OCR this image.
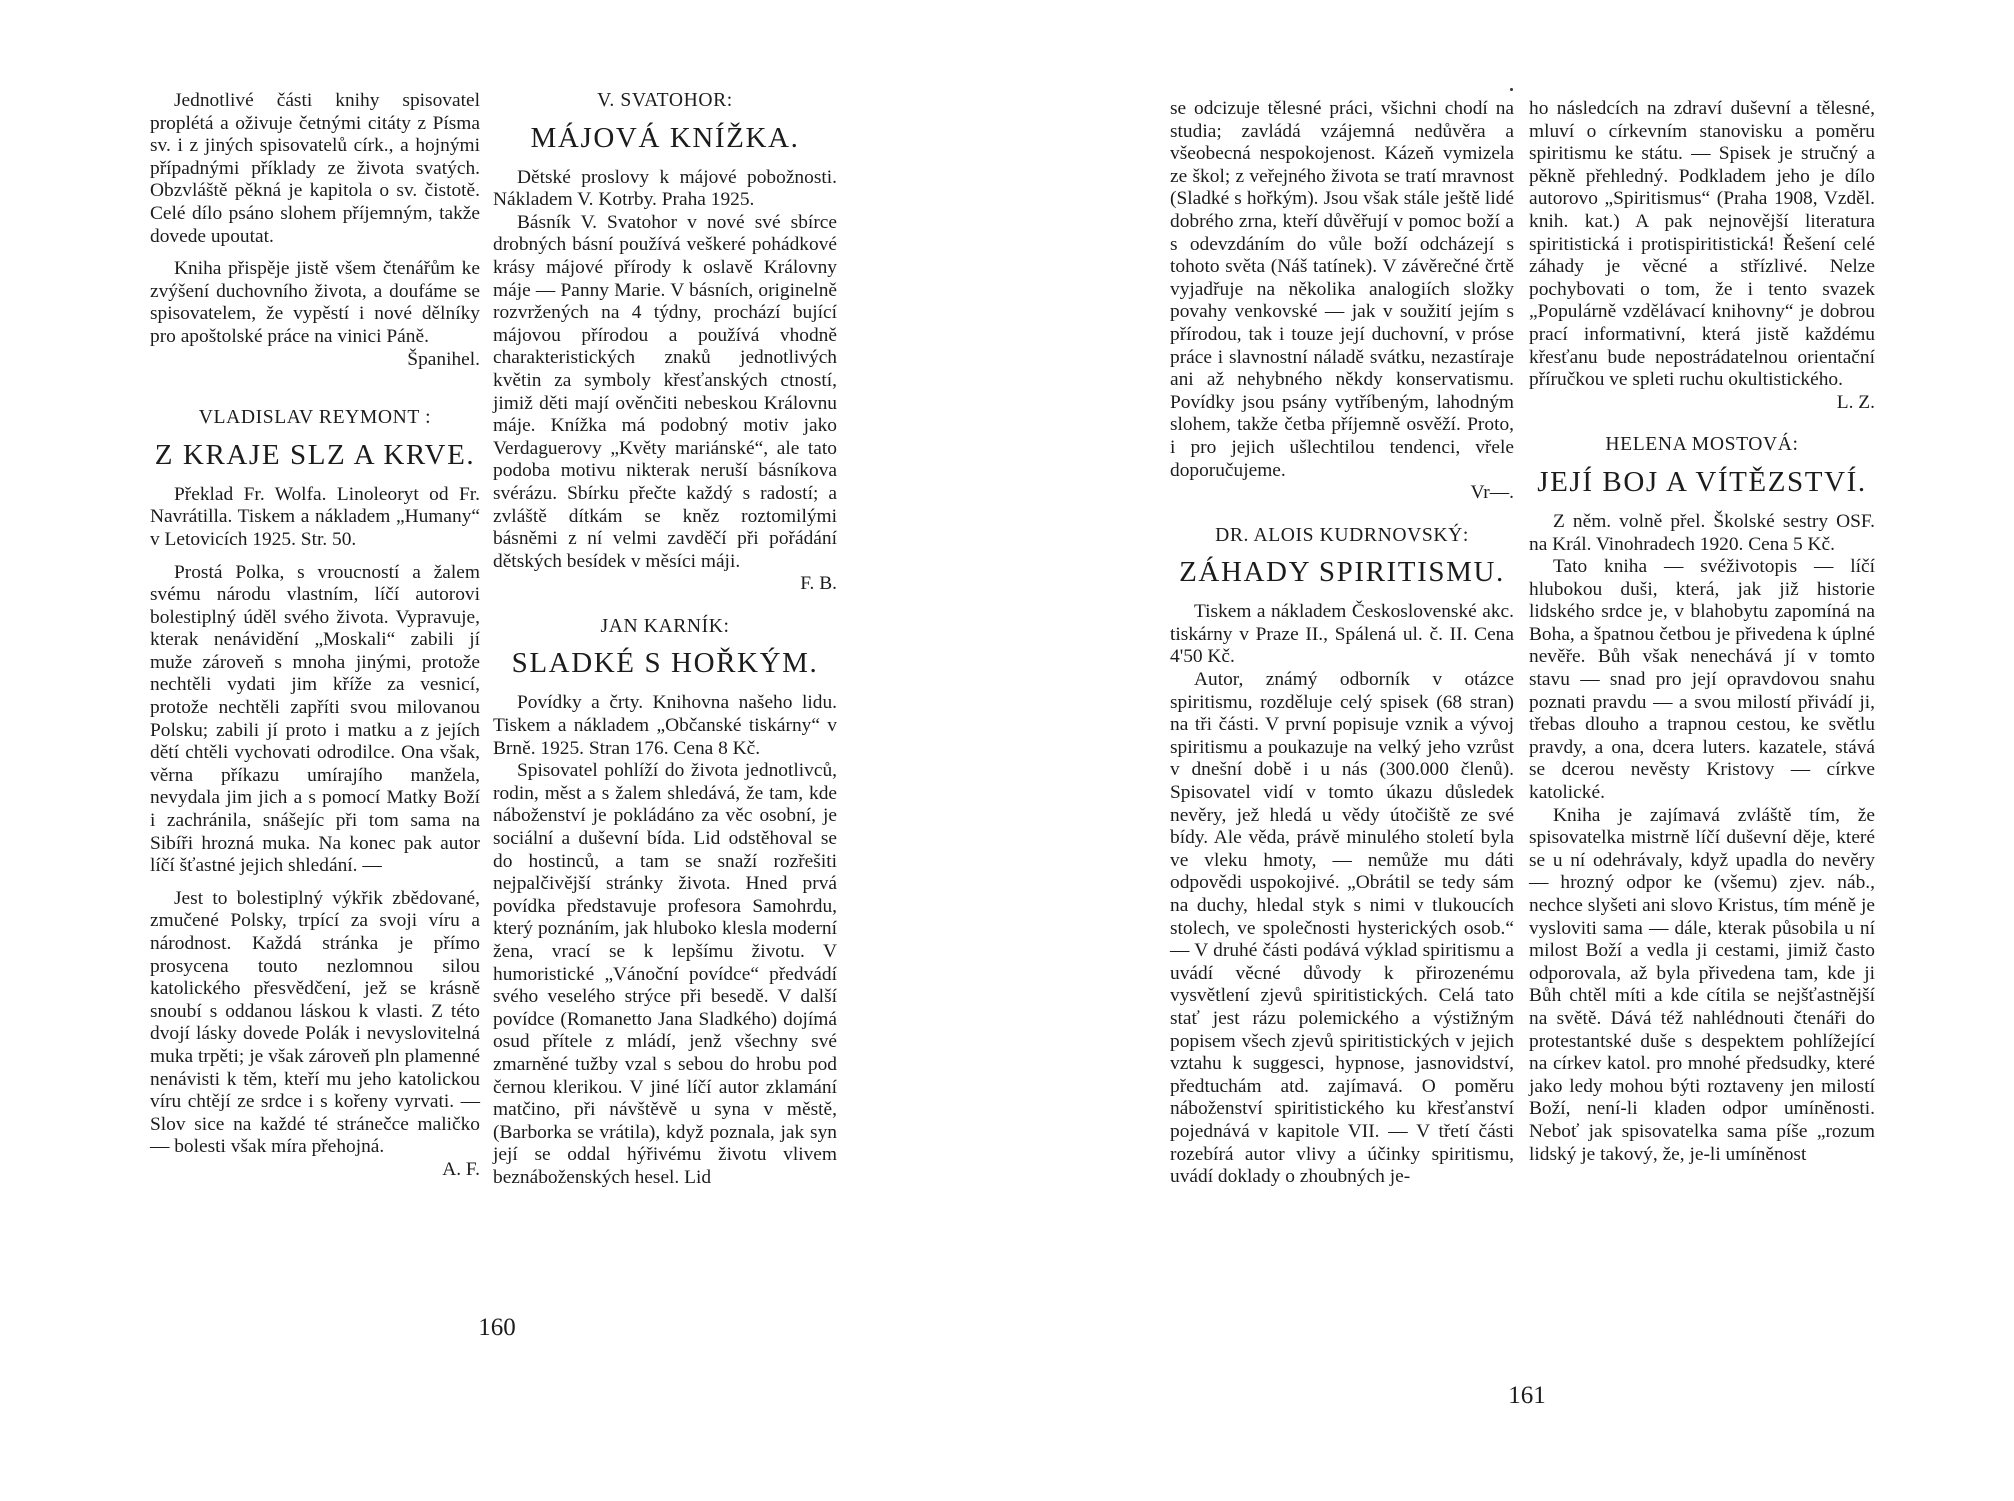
Jednotlivé části knihy spisovatel proplétá a oživuje četnými citáty z Písma sv. i z jiných spisovatelů círk., a hojnými případnými příklady ze života svatých. Obzvláště pěkná je kapitola o sv. čistotě. Celé dílo psáno slohem příjemným, takže dovede upoutat.

Kniha přispěje jistě všem čtenářům ke zvýšení duchovního života, a doufáme se spisovatelem, že vypěstí i nové dělníky pro apoštolské práce na vinici Páně.

Španihel.

VLADISLAV REYMONT :
Z KRAJE SLZ A KRVE.

Překlad Fr. Wolfa. Linoleoryt od Fr. Navrátilla. Tiskem a nákladem „Humany“ v Letovicích 1925. Str. 50.

Prostá Polka, s vroucností a žalem svému národu vlastním, líčí autorovi bolestiplný úděl svého života. Vypravuje, kterak nenávidění „Moskali“ zabili jí muže zároveň s mnoha jinými, protože nechtěli vydati jim kříže za vesnicí, protože nechtěli zapříti svou milovanou Polsku; zabili jí proto i matku a z jejích dětí chtěli vychovati odrodilce. Ona však, věrna příkazu umírajího manžela, nevydala jim jich a s pomocí Matky Boží i zachránila, snášejíc při tom sama na Sibíři hrozná muka. Na konec pak autor líčí šťastné jejich shledání. —

Jest to bolestiplný výkřik zbědované, zmučené Polsky, trpící za svoji víru a národnost. Každá stránka je přímo prosycena touto nezlomnou silou katolického přesvědčení, jež se krásně snoubí s oddanou láskou k vlasti. Z této dvojí lásky dovede Polák i nevyslovitelná muka trpěti; je však zároveň pln plamenné nenávisti k těm, kteří mu jeho katolickou víru chtějí ze srdce i s kořeny vyrvati. — Slov sice na každé té stránečce maličko — bolesti však míra přehojná.

A. F.

V. SVATOHOR:
MÁJOVÁ KNÍŽKA.

Dětské proslovy k májové pobožnosti. Nákladem V. Kotrby. Praha 1925.

Básník V. Svatohor v nové své sbírce drobných básní používá veškeré pohádkové krásy májové přírody k oslavě Královny máje — Panny Marie. V básních, originelně rozvržených na 4 týdny, prochází bující májovou přírodou a používá vhodně charakteristických znaků jednotlivých květin za symboly křesťanských ctností, jimiž děti mají ověnčiti nebeskou Královnu máje. Knížka má podobný motiv jako Verdaguerovy „Květy mariánské“, ale tato podoba motivu nikterak neruší básníkova svérázu. Sbírku přečte každý s radostí; a zvláště dítkám se kněz roztomilými básněmi z ní velmi zavděčí při pořádání dětských besídek v měsíci máji.

F. B.

JAN KARNÍK:
SLADKÉ S HOŘKÝM.

Povídky a črty. Knihovna našeho lidu. Tiskem a nákladem „Občanské tiskárny“ v Brně. 1925. Stran 176. Cena 8 Kč.

Spisovatel pohlíží do života jednotlivců, rodin, měst a s žalem shledává, že tam, kde náboženství je pokládáno za věc osobní, je sociální a duševní bída. Lid odstěhoval se do hostinců, a tam se snaží rozřešiti nejpalčivější stránky života. Hned prvá povídka představuje profesora Samohrdu, který poznáním, jak hluboko klesla moderní žena, vrací se k lepšímu životu. V humoristické „Vánoční povídce“ předvádí svého veselého strýce při besedě. V další povídce (Romanetto Jana Sladkého) dojímá osud přítele z mládí, jenž všechny své zmarněné tužby vzal s sebou do hrobu pod černou klerikou. V jiné líčí autor zklamání matčino, při návštěvě u syna v městě, (Barborka se vrátila), když poznala, jak syn její se oddal hýřivému životu vlivem beznáboženských hesel. Lid

160

se odcizuje tělesné práci, všichni chodí na studia; zavládá vzájemná nedůvěra a všeobecná nespokojenost. Kázeň vymizela ze škol; z veřejného života se tratí mravnost (Sladké s hořkým). Jsou však stále ještě lidé dobrého zrna, kteří důvěřují v pomoc boží a s odevzdáním do vůle boží odcházejí s tohoto světa (Náš tatínek). V závěrečné črtě vyjadřuje na několika analogiích složky povahy venkovské — jak v soužití jejím s přírodou, tak i touze její duchovní, v próse práce i slavnostní náladě svátku, nezastíraje ani až nehybného někdy konservatismu. Povídky jsou psány vytříbeným, lahodným slohem, takže četba příjemně osvěží. Proto, i pro jejich ušlechtilou tendenci, vřele doporučujeme.

Vr—.

DR. ALOIS KUDRNOVSKÝ:
ZÁHADY SPIRITISMU.

Tiskem a nákladem Československé akc. tiskárny v Praze II., Spálená ul. č. II. Cena 4'50 Kč.

Autor, známý odborník v otázce spiritismu, rozděluje celý spisek (68 stran) na tři části. V první popisuje vznik a vývoj spiritismu a poukazuje na velký jeho vzrůst v dnešní době i u nás (300.000 členů). Spisovatel vidí v tomto úkazu důsledek nevěry, jež hledá u vědy útočiště ze své bídy. Ale věda, právě minulého století byla ve vleku hmoty, — nemůže mu dáti odpovědi uspokojivé. „Obrátil se tedy sám na duchy, hledal styk s nimi v tlukoucích stolech, ve společnosti hysterických osob.“ — V druhé části podává výklad spiritismu a uvádí věcné důvody k přirozenému vysvětlení zjevů spiritistických. Celá tato stať jest rázu polemického a výstižným popisem všech zjevů spiritistických v jejich vztahu k suggesci, hypnose, jasnovidství, předtuchám atd. zajímavá. O poměru náboženství spiritistického ku křesťanství pojednává v kapitole VII. — V třetí části rozebírá autor vlivy a účinky spiritismu, uvádí doklady o zhoubných je-

ho následcích na zdraví duševní a tělesné, mluví o církevním stanovisku a poměru spiritismu ke státu. — Spisek je stručný a pěkně přehledný. Podkladem jeho je dílo autorovo „Spiritismus“ (Praha 1908, Vzděl. knih. kat.) A pak nejnovější literatura spiritistická i protispiritistická! Řešení celé záhady je věcné a střízlivé. Nelze pochybovati o tom, že i tento svazek „Populárně vzdělávací knihovny“ je dobrou prací informativní, která jistě každému křesťanu bude nepostrádatelnou orientační příručkou ve spleti ruchu okultistického.

L. Z.

HELENA MOSTOVÁ:
JEJÍ BOJ A VÍTĚZSTVÍ.

Z něm. volně přel. Školské sestry OSF. na Král. Vinohradech 1920. Cena 5 Kč.

Tato kniha — svéživotopis — líčí hlubokou duši, která, jak již historie lidského srdce je, v blahobytu zapomíná na Boha, a špatnou četbou je přivedena k úplné nevěře. Bůh však nenechává jí v tomto stavu — snad pro její opravdovou snahu poznati pravdu — a svou milostí přivádí ji, třebas dlouho a trapnou cestou, ke světlu pravdy, a ona, dcera luters. kazatele, stává se dcerou nevěsty Kristovy — církve katolické.

Kniha je zajímavá zvláště tím, že spisovatelka mistrně líčí duševní děje, které se u ní odehrávaly, když upadla do nevěry — hrozný odpor ke (všemu) zjev. náb., nechce slyšeti ani slovo Kristus, tím méně je vysloviti sama — dále, kterak působila u ní milost Boží a vedla ji cestami, jimiž často odporovala, až byla přivedena tam, kde ji Bůh chtěl míti a kde cítila se nejšťastnější na světě. Dává též nahlédnouti čtenáři do protestantské duše s despektem pohlížející na církev katol. pro mnohé předsudky, které jako ledy mohou býti roztaveny jen milostí Boží, není-li kladen odpor umíněnosti. Neboť jak spisovatelka sama píše „rozum lidský je takový, že, je-li umíněnost

161
